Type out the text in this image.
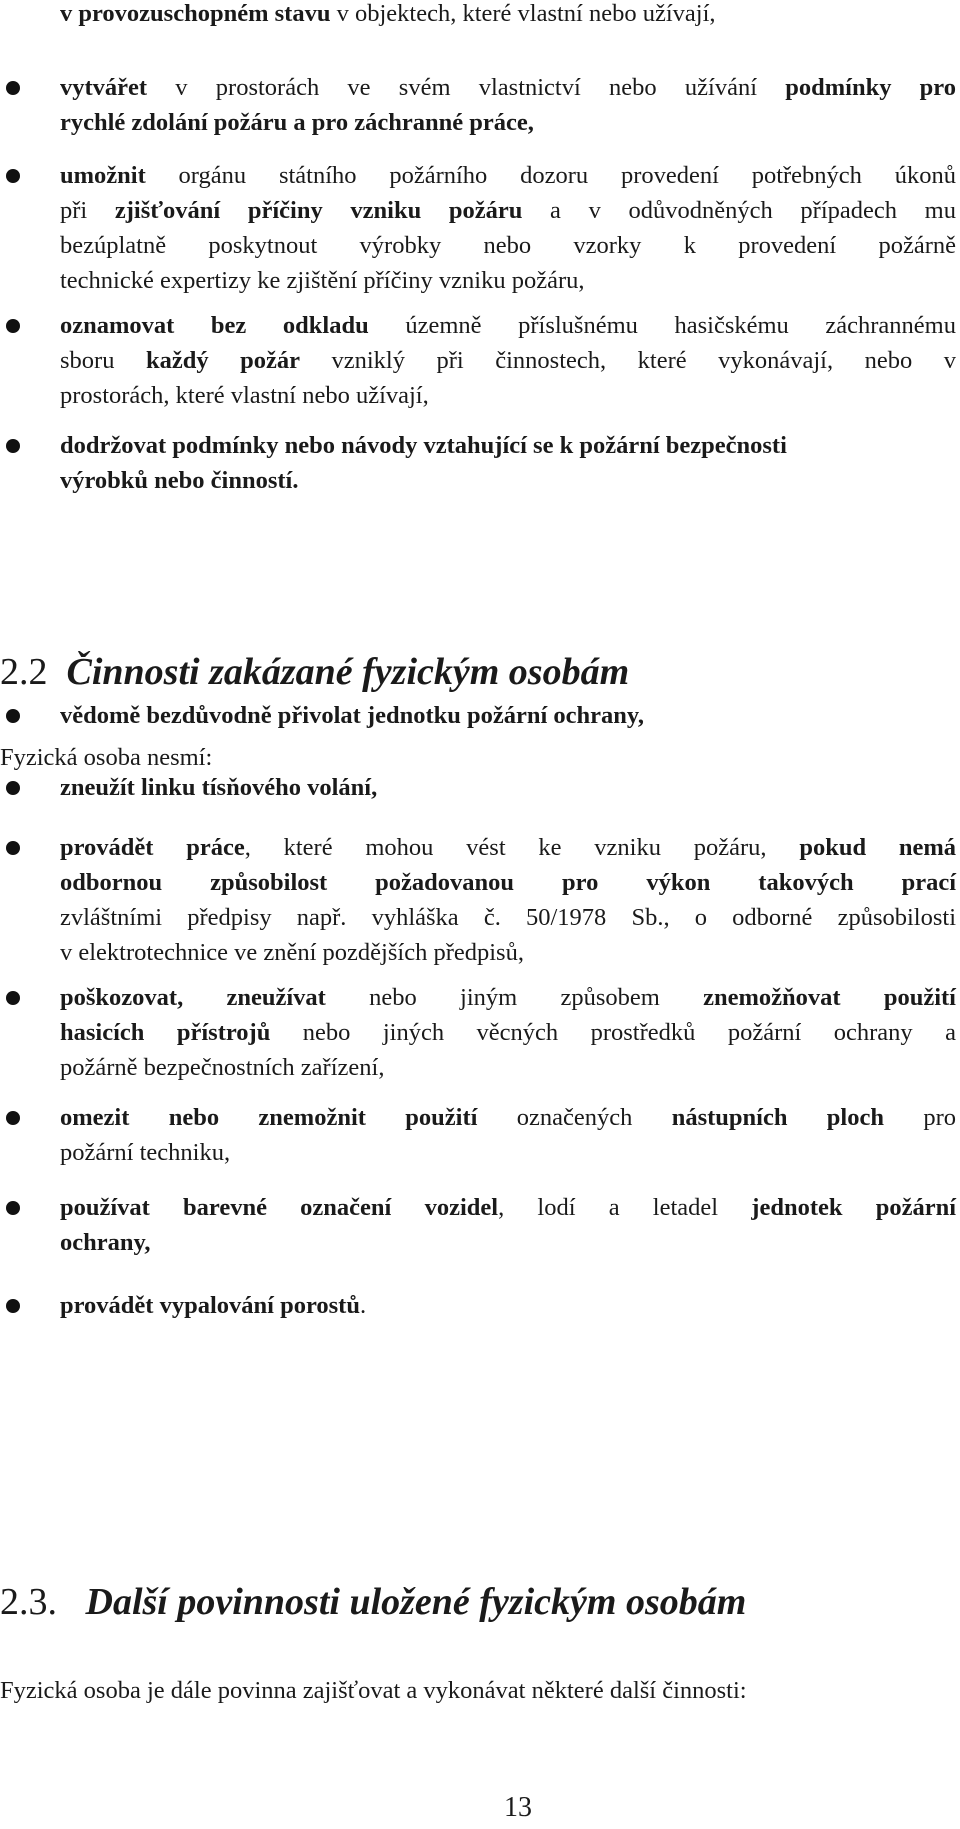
v provozuschopném stavu v objektech, které vlastní nebo užívají,
vytvářet v prostorách ve svém vlastnictví nebo užívání podmínky pro
rychlé zdolání požáru a pro záchranné práce,
umožnit orgánu státního požárního dozoru provedení potřebných úkonů
při zjišťování příčiny vzniku požáru a v odůvodněných případech mu
bezúplatně poskytnout výrobky nebo vzorky k provedení požárně
technické expertizy ke zjištění příčiny vzniku požáru,
oznamovat bez odkladu územně příslušnému hasičskému záchrannému
sboru každý požár vzniklý při činnostech, které vykonávají, nebo v
prostorách, které vlastní nebo užívají,
dodržovat podmínky nebo návody vztahující se k požární bezpečnosti
výrobků nebo činností.
2.2 Činnosti zakázané fyzickým osobám
Fyzická osoba nesmí:
vědomě bezdůvodně přivolat jednotku požární ochrany,
zneužít linku tísňového volání,
provádět práce, které mohou vést ke vzniku požáru, pokud nemá
odbornou způsobilost požadovanou pro výkon takových prací
zvláštními předpisy např. vyhláška č. 50/1978 Sb., o odborné způsobilosti
v elektrotechnice ve znění pozdějších předpisů,
poškozovat, zneužívat nebo jiným způsobem znemožňovat použití
hasicích přístrojů nebo jiných věcných prostředků požární ochrany a
požárně bezpečnostních zařízení,
omezit nebo znemožnit použití označených nástupních ploch pro
požární techniku,
používat barevné označení vozidel, lodí a letadel jednotek požární
ochrany,
provádět vypalování porostů.
2.3. Další povinnosti uložené fyzickým osobám
Fyzická osoba je dále povinna zajišťovat a vykonávat některé další činnosti:
13
